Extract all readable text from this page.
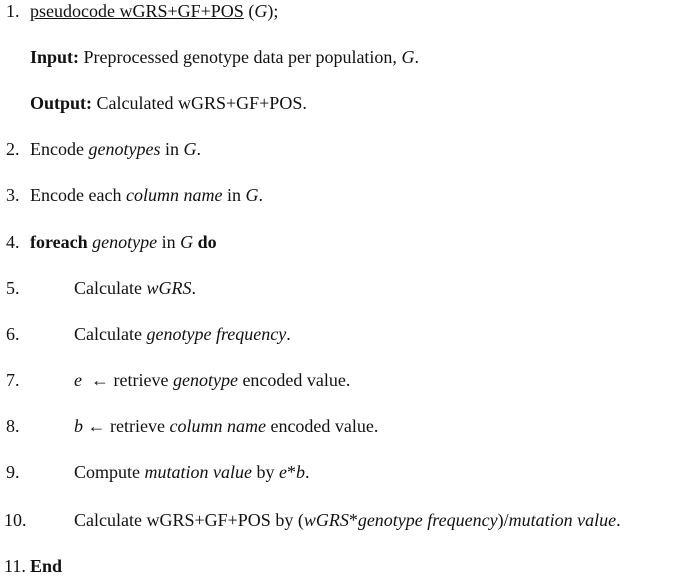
1. pseudocode wGRS+GF+POS (G);
Input: Preprocessed genotype data per population, G.
Output: Calculated wGRS+GF+POS.
2. Encode genotypes in G.
3. Encode each column name in G.
4. foreach genotype in G do
5.	Calculate wGRS.
6.	Calculate genotype frequency.
7.	e  ← retrieve genotype encoded value.
8.	b ← retrieve column name encoded value.
9.	Compute mutation value by e*b.
10.	Calculate wGRS+GF+POS by (wGRS*genotype frequency)/mutation value.
11. End
